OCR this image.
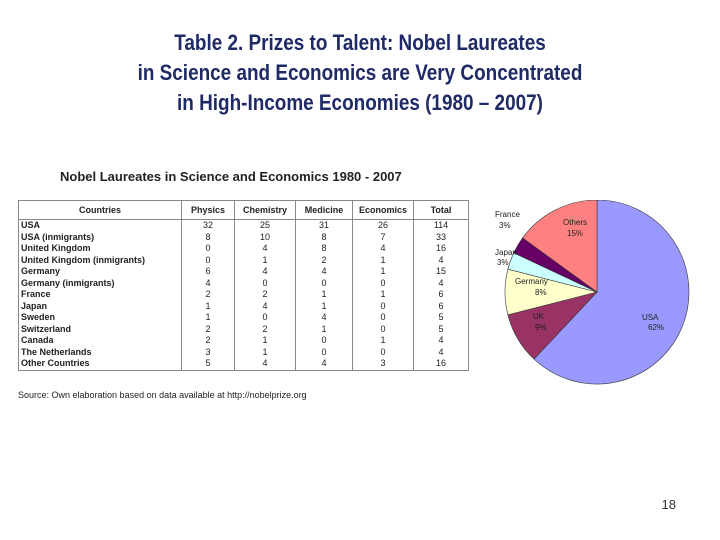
Table 2. Prizes to Talent: Nobel Laureates
in Science and Economics are Very Concentrated
in High-Income Economies (1980 – 2007)
Nobel Laureates in Science and Economics 1980 - 2007
Countries	Physics	Chemistry	Medicine	Economics	Total
USA	32	25	31	26	114
USA (inmigrants)	8	10	8	7	33
United Kingdom	0	4	8	4	16
United Kingdom (inmigrants)	0	1	2	1	4
Germany	6	4	4	1	15
Germany (inmigrants)	4	0	0	0	4
France	2	2	1	1	6
Japan	1	4	1	0	6
Sweden	1	0	4	0	5
Switzerland	2	2	1	0	5
Canada	2	1	0	1	4
The Netherlands	3	1	0	0	4
Other Countries	5	4	4	3	16
Source: Own elaboration based on data available at http://nobelprize.org
USA
62%
UK
9%
Germany
8%
Japan
3%
France
3%	Others
15%
18
